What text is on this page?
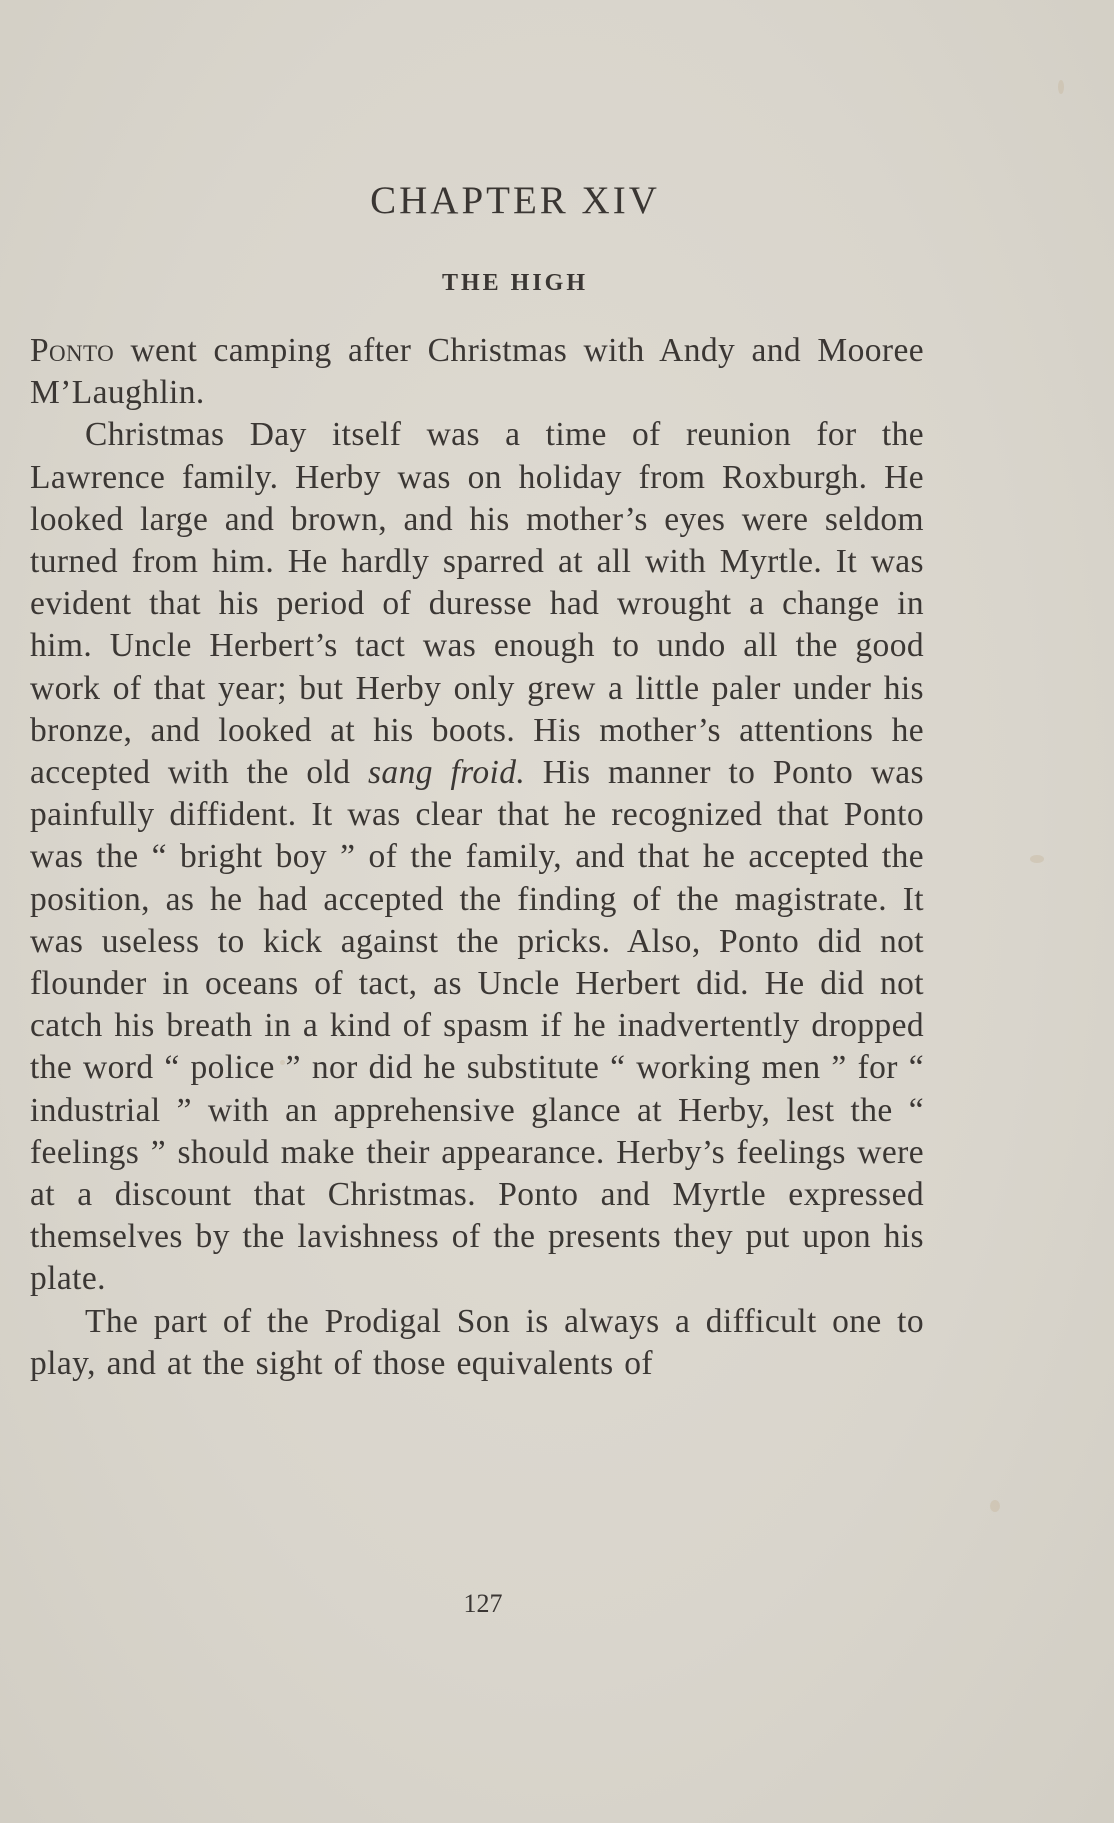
CHAPTER XIV
THE HIGH

Ponto went camping after Christmas with Andy and Mooree M’Laughlin.

Christmas Day itself was a time of reunion for the Lawrence family. Herby was on holiday from Roxburgh. He looked large and brown, and his mother’s eyes were seldom turned from him. He hardly sparred at all with Myrtle. It was evident that his period of duresse had wrought a change in him. Uncle Herbert’s tact was enough to undo all the good work of that year; but Herby only grew a little paler under his bronze, and looked at his boots. His mother’s attentions he accepted with the old sang froid. His manner to Ponto was painfully diffident. It was clear that he recognized that Ponto was the “ bright boy ” of the family, and that he accepted the position, as he had accepted the finding of the magistrate. It was useless to kick against the pricks. Also, Ponto did not flounder in oceans of tact, as Uncle Herbert did. He did not catch his breath in a kind of spasm if he inadvertently dropped the word “ police ” nor did he substitute “ working men ” for “ industrial ” with an apprehensive glance at Herby, lest the “ feelings ” should make their appearance. Herby’s feelings were at a discount that Christmas. Ponto and Myrtle expressed themselves by the lavishness of the presents they put upon his plate.

The part of the Prodigal Son is always a difficult one to play, and at the sight of those equivalents of

127
